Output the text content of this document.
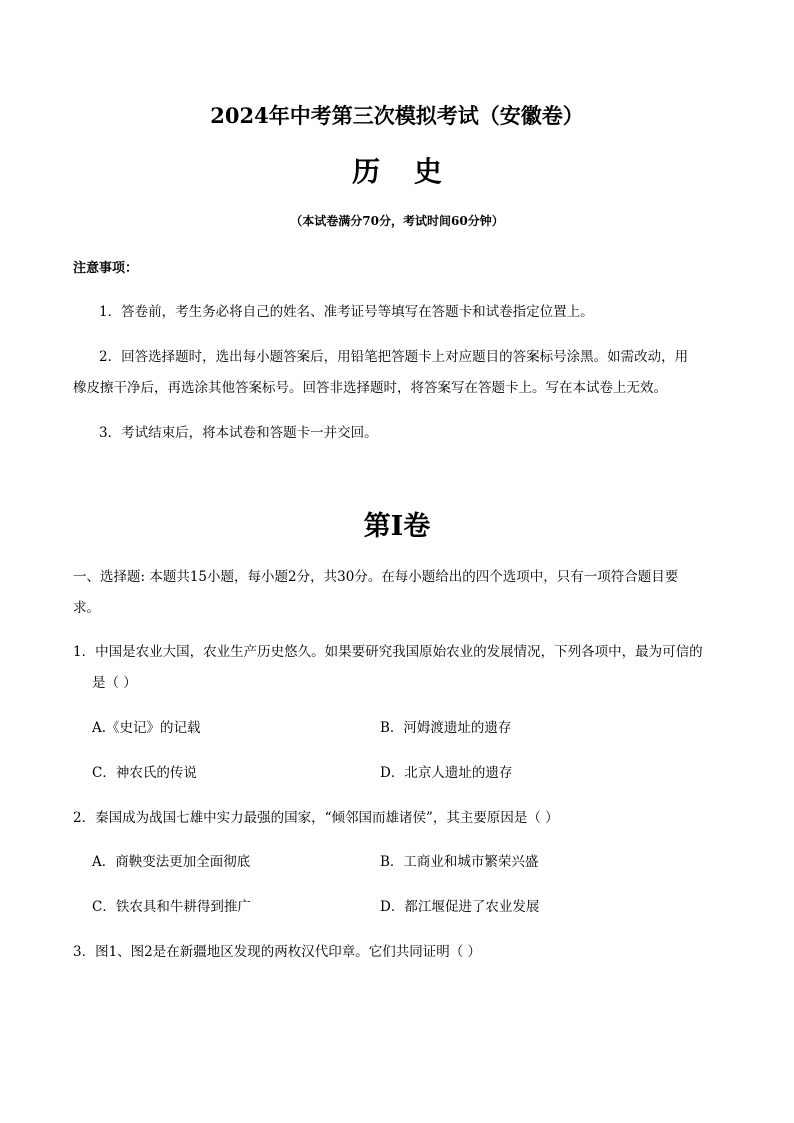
2024年中考第三次模拟考试（安徽卷）
历 史
（本试卷满分70分，考试时间60分钟）
注意事项：
1．答卷前，考生务必将自己的姓名、准考证号等填写在答题卡和试卷指定位置上。
2．回答选择题时，选出每小题答案后，用铅笔把答题卡上对应题目的答案标号涂黑。如需改动，用
橡皮擦干净后，再选涂其他答案标号。回答非选择题时，将答案写在答题卡上。写在本试卷上无效。
3．考试结束后，将本试卷和答题卡一并交回。
第I卷
一、选择题: 本题共15小题，每小题2分，共30分。在每小题给出的四个选项中，只有一项符合题目要
求。
1．中国是农业大国，农业生产历史悠久。如果要研究我国原始农业的发展情况，下列各项中，最为可信的
是（ ）
A.《史记》的记载	B．河姆渡遗址的遗存
C．神农氏的传说	D．北京人遗址的遗存
2．秦国成为战国七雄中实力最强的国家，“倾邻国而雄诸侯”，其主要原因是（ ）
A．商鞅变法更加全面彻底	B．工商业和城市繁荣兴盛
C．铁农具和牛耕得到推广	D．都江堰促进了农业发展
3．图1、图2是在新疆地区发现的两枚汉代印章。它们共同证明（ ）
